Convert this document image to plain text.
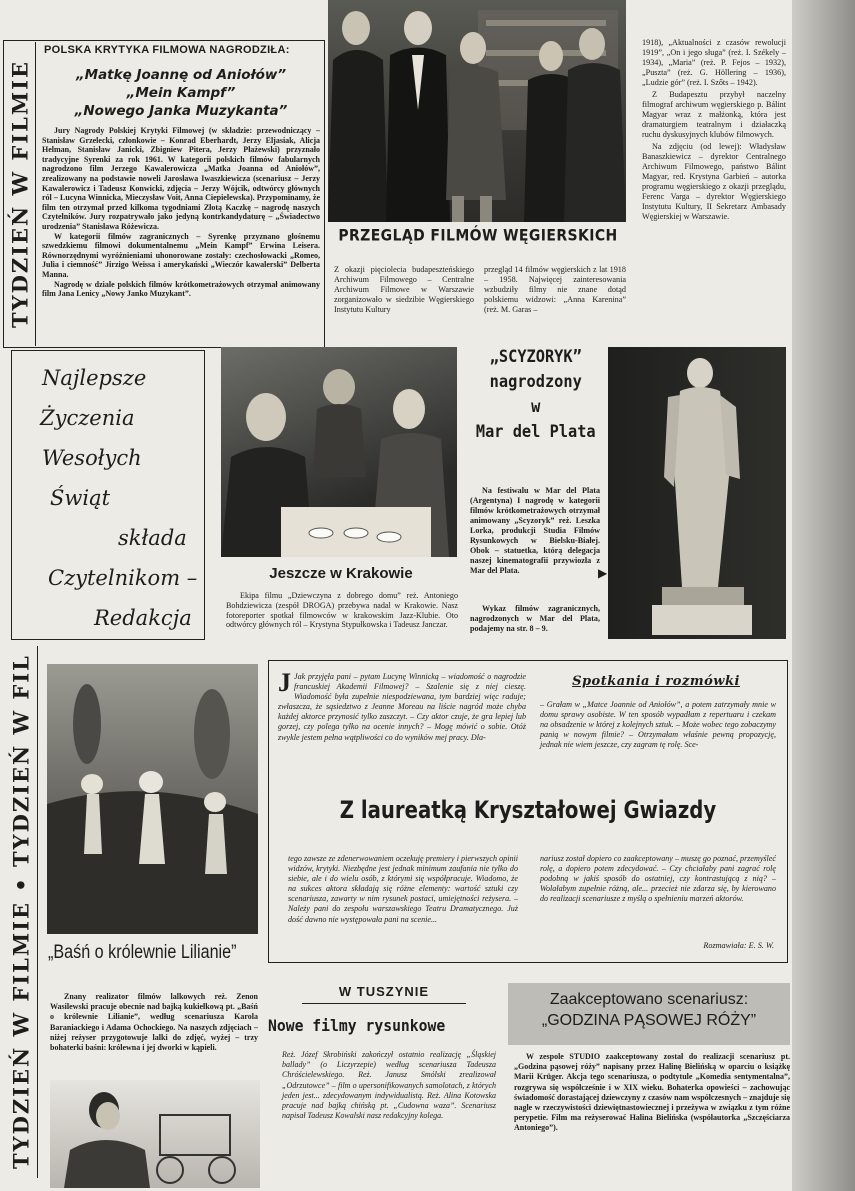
TYDZIEŃ W FILMIE
POLSKA KRYTYKA FILMOWA NAGRODZIŁA:
„Matkę Joannę od Aniołów”
„Mein Kampf”
„Nowego Janka Muzykanta”
Jury Nagrody Polskiej Krytyki Filmowej (w składzie: przewodniczący – Stanisław Grzelecki, członkowie – Konrad Eberhardt, Jerzy Eljasiak, Alicja Helman, Stanisław Janicki, Zbigniew Pitera, Jerzy Płażewski) przyznało tradycyjne Syrenki za rok 1961. W kategorii polskich filmów fabularnych nagrodzono film Jerzego Kawalerowicza „Matka Joanna od Aniołów”, zrealizowany na podstawie noweli Jarosława Iwaszkiewicza (scenariusz – Jerzy Kawalerowicz i Tadeusz Konwicki, zdjęcia – Jerzy Wójcik, odtwórcy głównych ról – Lucyna Winnicka, Mieczysław Voit, Anna Ciepielewska). Przypominamy, że film ten otrzymał przed kilkoma tygodniami Złotą Kaczkę – nagrodę naszych Czytelników. Jury rozpatrywało jako jedyną kontrkandydaturę – „Świadectwo urodzenia” Stanisława Różewicza.
W kategorii filmów zagranicznych – Syrenkę przyznano głośnemu szwedzkiemu filmowi dokumentalnemu „Mein Kampf” Erwina Leisera. Równorzędnymi wyróżnieniami uhonorowane zostały: czechosłowacki „Romeo, Julia i ciemność” Jirzigo Weissa i amerykański „Wieczór kawalerski” Delberta Manna.
Nagrodę w dziale polskich filmów krótkometrażowych otrzymał animowany film Jana Lenicy „Nowy Janko Muzykant”.
PRZEGLĄD FILMÓW WĘGIERSKICH
Z okazji pięciolecia budapeszteńskiego Archiwum Filmowego – Centralne Archiwum Filmowe w Warszawie zorganizowało w siedzibie Węgierskiego Instytutu Kultury
przegląd 14 filmów węgierskich z lat 1918 – 1958. Najwięcej zainteresowania wzbudziły filmy nie znane dotąd polskiemu widzowi: „Anna Karenina” (reż. M. Garas –
1918), „Aktualności z czasów rewolucji 1919”, „On i jego sługa” (reż. I. Székely – 1934), „Maria” (reż. P. Fejos – 1932), „Puszta” (reż. G. Höllering – 1936), „Ludzie gór” (reż. I. Szőts – 1942).
Z Budapesztu przybył naczelny filmograf archiwum węgierskiego p. Bálint Magyar wraz z małżonką, która jest dramaturgiem teatralnym i działaczką ruchu dyskusyjnych klubów filmowych.
Na zdjęciu (od lewej): Władysław Banaszkiewicz – dyrektor Centralnego Archiwum Filmowego, państwo Bálint Magyar, red. Krystyna Garbień – autorka programu węgierskiego z okazji przeglądu, Ferenc Varga – dyrektor Węgierskiego Instytutu Kultury, II Sekretarz Ambasady Węgierskiej w Warszawie.
Najlepsze
Życzenia
Wesołych
Świąt
składa
Czytelnikom –
Redakcja
Jeszcze w Krakowie
Ekipa filmu „Dziewczyna z dobrego domu” reż. Antoniego Bohdziewicza (zespół DROGA) przebywa nadal w Krakowie. Nasz fotoreporter spotkał filmowców w krakowskim Jazz-Klubie. Oto odtwórcy głównych ról – Krystyna Stypułkowska i Tadeusz Janczar.
„SCYZORYK”
nagrodzony
w
Mar del Plata
Na festiwalu w Mar del Plata (Argentyna) I nagrodę w kategorii filmów krótkometrażowych otrzymał animowany „Scyzoryk” reż. Leszka Lorka, produkcji Studia Filmów Rysunkowych w Bielsku-Białej. Obok – statuetka, którą delegacja naszej kinematografii przywiozła z Mar del Plata.	▶
Wykaz filmów zagranicznych, nagrodzonych w Mar del Plata, podajemy na str. 8 – 9.
TYDZIEŃ W FILMIE • TYDZIEŃ W FIL „Baśń o królewnie Lilianie”
Znany realizator filmów lalkowych reż. Zenon Wasilewski pracuje obecnie nad bajką kukiełkową pt. „Baśń o królewnie Lilianie”, według scenariusza Karola Baraniackiego i Adama Ochockiego. Na naszych zdjęciach – niżej reżyser przygotowuje lalki do zdjęć, wyżej – trzy bohaterki baśni: królewna i jej dworki w kąpieli.
J Jak przyjęła pani – pytam Lucynę Winnicką – wiadomość o nagrodzie francuskiej Akademii Filmowej? – Szalenie się z niej cieszę. Wiadomość była zupełnie niespodziewana, tym bardziej więc raduje; zwłaszcza, że sąsiedztwo z Jeanne Moreau na liście nagród może chyba każdej aktorce przynosić tylko zaszczyt. – Czy aktor czuje, że gra lepiej lub gorzej, czy polega tylko na ocenie innych? – Mogę mówić o sobie. Otóż zwykle jestem pełna wątpliwości co do wyników mej pracy. Dla-
Spotkania i rozmówki
– Grałam w „Matce Joannie od Aniołów”, a potem zatrzymały mnie w domu sprawy osobiste. W ten sposób wypadłam z repertuaru i czekam na obsadzenie w której z kolejnych sztuk. – Może wobec tego zobaczymy panią w nowym filmie? – Otrzymałam właśnie pewną propozycję, jednak nie wiem jeszcze, czy zagram tę rolę. Sce-
Z laureatką Kryształowej Gwiazdy
tego zawsze ze zdenerwowaniem oczekuję premiery i pierwszych opinii widzów, krytyki. Niezbędne jest jednak minimum zaufania nie tylko do siebie, ale i do wielu osób, z którymi się współpracuje. Wiadomo, że na sukces aktora składają się różne elementy: wartość sztuki czy scenariusza, zawarty w nim rysunek postaci, umiejętności reżysera. – Należy pani do zespołu warszawskiego Teatru Dramatycznego. Już dość dawno nie występowała pani na scenie...
nariusz został dopiero co zaakceptowany – muszę go poznać, przemyśleć rolę, a dopiero potem zdecydować. – Czy chciałaby pani zagrać rolę podobną w jakiś sposób do ostatniej, czy kontrastującą z nią? – Wolałabym zupełnie różną, ale... przecież nie zdarza się, by kierowano do realizacji scenariusze z myślą o spełnieniu marzeń aktorów.
Rozmawiała: E. S. W.
W TUSZYNIE
Nowe filmy rysunkowe
Reż. Józef Skrobiński zakończył ostatnio realizację „Śląskiej ballady” (o Liczyrzepie) według scenariusza Tadeusza Chróścielewskiego. Reż. Janusz Smólski zrealizował „Odrzutowce” – film o upersonifikowanych samolotach, z których jeden jest... zdecydowanym indywidualistą. Reż. Alina Kotowska pracuje nad bajką chińską pt. „Cudowna waza”. Scenariusz napisał Tadeusz Kowalski nasz redakcyjny kolega.
Zaakceptowano scenariusz:
„GODZINA PĄSOWEJ RÓŻY”
W zespole STUDIO zaakceptowany został do realizacji scenariusz pt. „Godzina pąsowej róży” napisany przez Halinę Bielińską w oparciu o książkę Marii Krüger. Akcja tego scenariusza, o podtytule „Komedia sentymentalna”, rozgrywa się współcześnie i w XIX wieku. Bohaterka opowieści – zachowując świadomość dorastającej dziewczyny z czasów nam współczesnych – znajduje się nagle w rzeczywistości dziewiętnastowiecznej i przeżywa w związku z tym różne perypetie. Film ma reżyserować Halina Bielińska (współautorka „Szczęściarza Antoniego”).
